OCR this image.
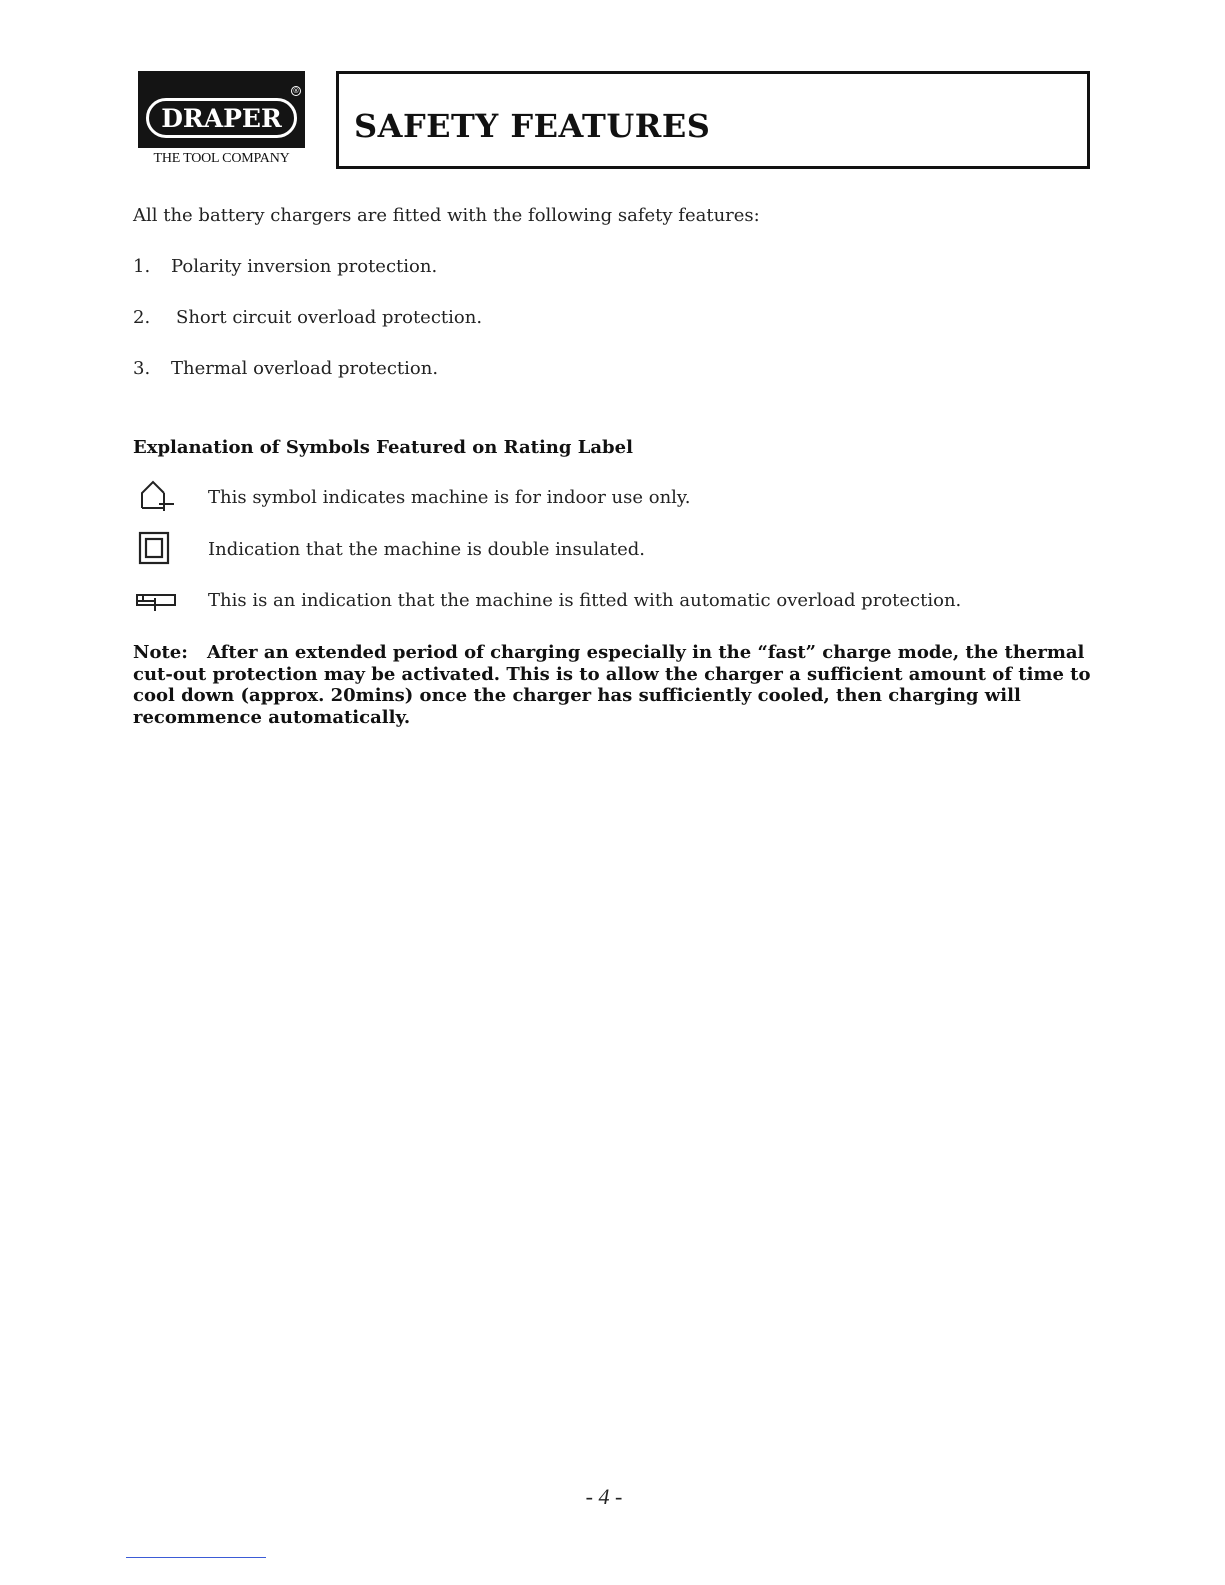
®
DRAPER
THE TOOL COMPANY
SAFETY FEATURES
All the battery chargers are fitted with the following safety features:
1. Polarity inversion protection.
2. Short circuit overload protection.
3. Thermal overload protection.
Explanation of Symbols Featured on Rating Label
This symbol indicates machine is for indoor use only.
Indication that the machine is double insulated.
This is an indication that the machine is fitted with automatic overload protection.
Note: After an extended period of charging especially in the “fast” charge mode, the thermal cut-out protection may be activated. This is to allow the charger a sufficient amount of time to cool down (approx. 20mins) once the charger has sufficiently cooled, then charging will recommence automatically.
- 4 -
